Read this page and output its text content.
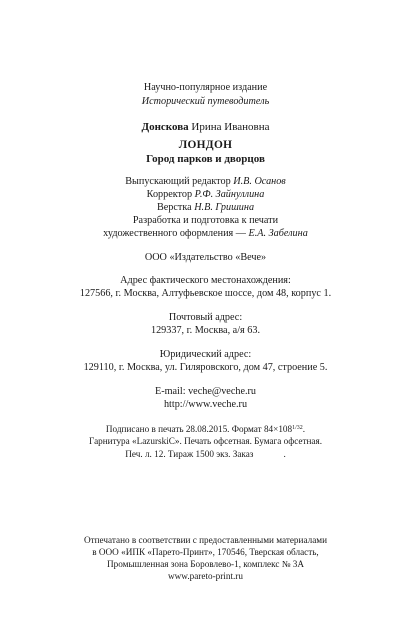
Научно-популярное издание
Исторический путеводитель
Донскова Ирина Ивановна
ЛОНДОН
Город парков и дворцов
Выпускающий редактор И.В. Осанов
Корректор Р.Ф. Зайнуллина
Верстка Н.В. Гришина
Разработка и подготовка к печати
художественного оформления — Е.А. Забелина
ООО «Издательство «Вече»
Адрес фактического местонахождения:
127566, г. Москва, Алтуфьевское шоссе, дом 48, корпус 1.
Почтовый адрес:
129337, г. Москва, а/я 63.
Юридический адрес:
129110, г. Москва, ул. Гиляровского, дом 47, строение 5.
E-mail: veche@veche.ru
http://www.veche.ru
Подписано в печать 28.08.2015. Формат $84\times 108^{1/32}$.
Гарнитура «LazurskiC». Печать офсетная. Бумага офсетная.
Печ. л. 12. Тираж 1500 экз. Заказ	.
Отпечатано в соответствии с предоставленными материалами
в ООО «ИПК «Парето-Принт», 170546, Тверская область,
Промышленная зона Боровлево-1, комплекс № 3А
www.pareto-print.ru
